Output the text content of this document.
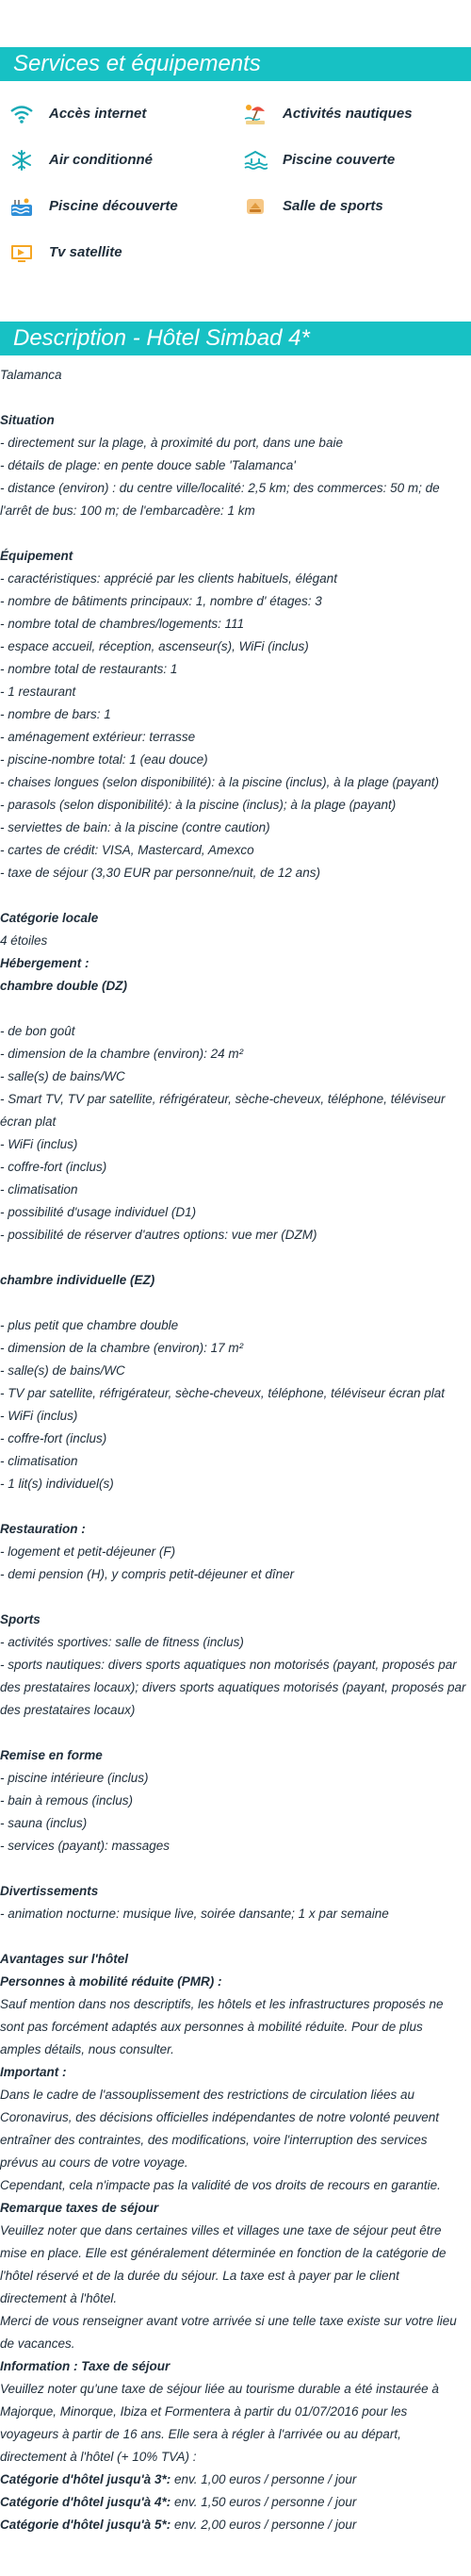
Services et équipements
Accès internet	Activités nautiques
Air conditionné	Piscine couverte
Piscine découverte	Salle de sports
Tv satellite
Description - Hôtel Simbad 4*

Talamanca

Situation

- directement sur la plage, à proximité du port, dans une baie

- détails de plage: en pente douce sable 'Talamanca'

- distance (environ) : du centre ville/localité: 2,5 km; des commerces: 50 m; de l'arrêt de bus: 100 m; de l'embarcadère: 1 km

Équipement

- caractéristiques: apprécié par les clients habituels, élégant

- nombre de bâtiments principaux: 1, nombre d' étages: 3

- nombre total de chambres/logements: 111

- espace accueil, réception, ascenseur(s), WiFi (inclus)

- nombre total de restaurants: 1

- 1 restaurant

- nombre de bars: 1

- aménagement extérieur: terrasse

- piscine-nombre total: 1 (eau douce)

- chaises longues (selon disponibilité): à la piscine (inclus), à la plage (payant)

- parasols (selon disponibilité): à la piscine (inclus); à la plage (payant)

- serviettes de bain: à la piscine (contre caution)

- cartes de crédit: VISA, Mastercard, Amexco

- taxe de séjour (3,30 EUR par personne/nuit, de 12 ans)

Catégorie locale

4 étoiles

Hébergement :

chambre double (DZ)

- de bon goût

- dimension de la chambre (environ): 24 m²

- salle(s) de bains/WC

- Smart TV, TV par satellite, réfrigérateur, sèche-cheveux, téléphone, téléviseur écran plat

- WiFi (inclus)

- coffre-fort (inclus)

- climatisation

- possibilité d'usage individuel (D1)

- possibilité de réserver d'autres options: vue mer (DZM)

chambre individuelle (EZ)

- plus petit que chambre double

- dimension de la chambre (environ): 17 m²

- salle(s) de bains/WC

- TV par satellite, réfrigérateur, sèche-cheveux, téléphone, téléviseur écran plat

- WiFi (inclus)

- coffre-fort (inclus)

- climatisation

- 1 lit(s) individuel(s)

Restauration :

- logement et petit-déjeuner (F)

- demi pension (H), y compris petit-déjeuner et dîner

Sports

- activités sportives: salle de fitness (inclus)

- sports nautiques: divers sports aquatiques non motorisés (payant, proposés par des prestataires locaux); divers sports aquatiques motorisés (payant, proposés par des prestataires locaux)

Remise en forme

- piscine intérieure (inclus)

- bain à remous (inclus)

- sauna (inclus)

- services (payant): massages

Divertissements

- animation nocturne: musique live, soirée dansante; 1 x par semaine

Avantages sur l'hôtel

Personnes à mobilité réduite (PMR) :

Sauf mention dans nos descriptifs, les hôtels et les infrastructures proposés ne sont pas forcément adaptés aux personnes à mobilité réduite. Pour de plus amples détails, nous consulter.

Important :

Dans le cadre de l'assouplissement des restrictions de circulation liées au Coronavirus, des décisions officielles indépendantes de notre volonté peuvent entraîner des contraintes, des modifications, voire l'interruption des services prévus au cours de votre voyage.

Cependant, cela n'impacte pas la validité de vos droits de recours en garantie.

Remarque taxes de séjour

Veuillez noter que dans certaines villes et villages une taxe de séjour peut être mise en place. Elle est généralement déterminée en fonction de la catégorie de l'hôtel réservé et de la durée du séjour. La taxe est à payer par le client directement à l'hôtel.

Merci de vous renseigner avant votre arrivée si une telle taxe existe sur votre lieu de vacances.

Information : Taxe de séjour

Veuillez noter qu'une taxe de séjour liée au tourisme durable a été instaurée à Majorque, Minorque, Ibiza et Formentera à partir du 01/07/2016 pour les voyageurs à partir de 16 ans. Elle sera à régler à l'arrivée ou au départ, directement à l'hôtel (+ 10% TVA) :

Catégorie d'hôtel jusqu'à 3*: env. 1,00 euros / personne / jour

Catégorie d'hôtel jusqu'à 4*: env. 1,50 euros / personne / jour

Catégorie d'hôtel jusqu'à 5*: env. 2,00 euros / personne / jour
